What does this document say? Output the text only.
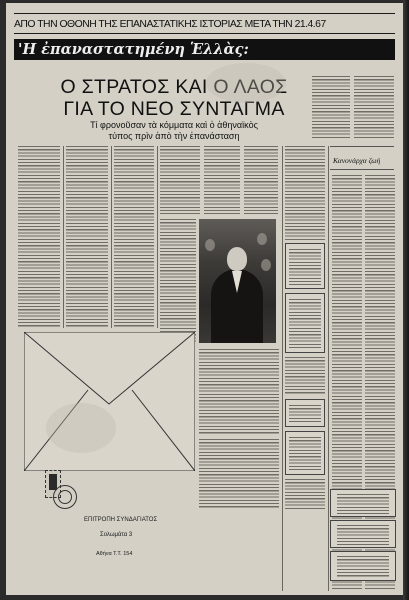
ΑΠΟ ΤΗΝ ΟΘΟΝΗ ΤΗΣ ΕΠΑΝΑΣΤΑΤΙΚΗΣ ΙΣΤΟΡΙΑΣ ΜΕΤΑ ΤΗΝ 21.4.67
'Η ἐπαναστατημένη Ἑλλὰς:
Ο ΣΤΡΑΤΟΣ ΚΑΙ Ο ΛΑΟΣ
ΓΙΑ ΤΟ ΝΕΟ ΣΥΝΤΑΓΜΑ
Τί φρονοῦσαν τὰ κόμματα καὶ ὁ ἀθηναϊκὸς
τύπος πρὶν ἀπὸ τὴν ἐπανάσταση
Κανονάρχα ζωή
ΕΠΙΤΡΟΠΗ ΣΥΝΔΑΓΙΑΤΟΣ
Σολωμάτα 3
Αθήνα Τ.Τ. 154
